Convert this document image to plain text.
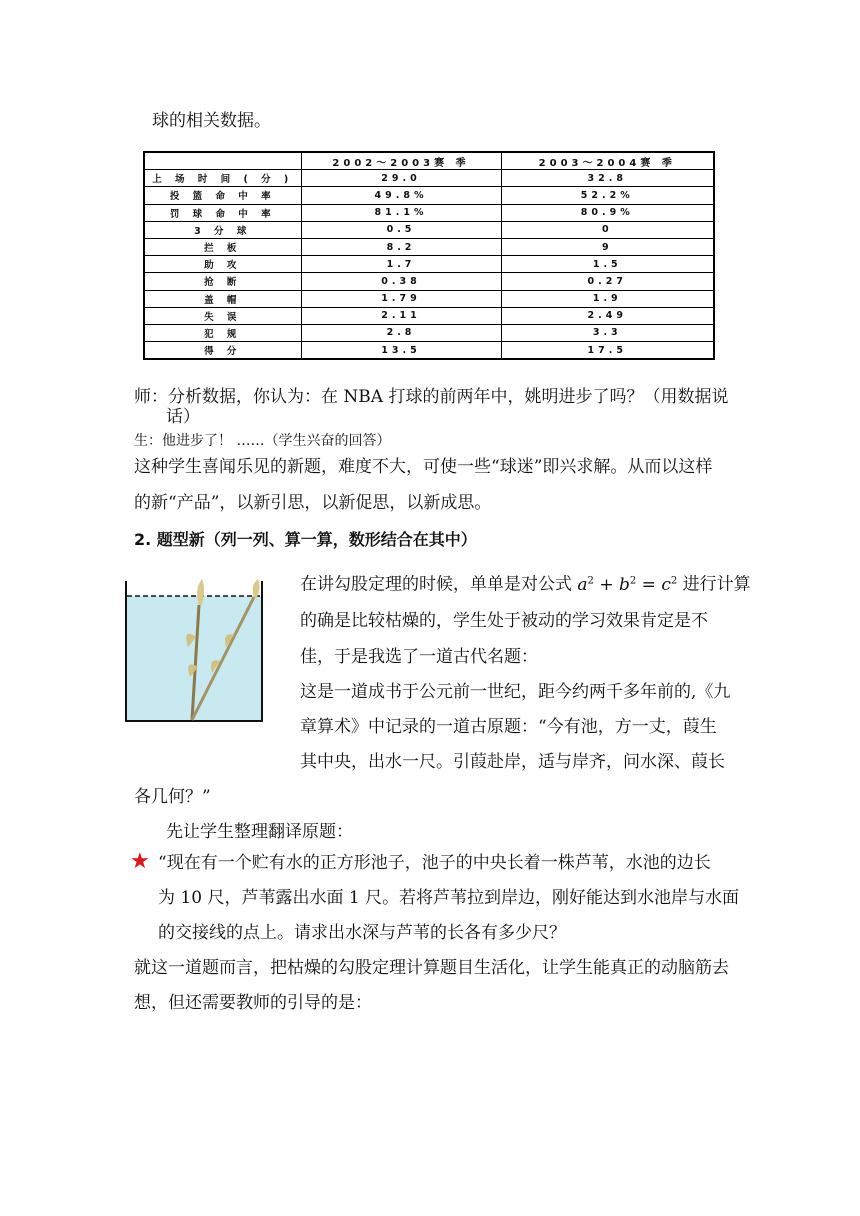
球的相关数据。
	2002～2003赛 季	2003～2004赛 季
上 场 时 间 ( 分 )	29.0	32.8
投 篮 命 中 率	49.8%	52.2%
罚 球 命 中 率	81.1%	80.9%
3 分 球	0.5	0
拦 板	8.2	9
助 攻	1.7	1.5
抢 断	0.38	0.27
盖 帽	1.79	1.9
失 误	2.11	2.49
犯 规	2.8	3.3
得 分	13.5	17.5
师：分析数据，你认为：在 NBA 打球的前两年中，姚明进步了吗？（用数据说
话）
生：他进步了！ ……（学生兴奋的回答）
这种学生喜闻乐见的新题，难度不大，可使一些“球迷”即兴求解。从而以这样
的新“产品”，以新引思，以新促思，以新成思。
2. 题型新（列一列、算一算，数形结合在其中）
在讲勾股定理的时候，单单是对公式 $a^2 + b^2 = c^2$ 进行计算
的确是比较枯燥的，学生处于被动的学习效果肯定是不
佳，于是我选了一道古代名题：
这是一道成书于公元前一世纪，距今约两千多年前的,《九
章算术》中记录的一道古原题：“今有池，方一丈，葭生
其中央，出水一尺。引葭赴岸，适与岸齐，问水深、葭长
各几何？”
先让学生整理翻译原题：
★ “现在有一个贮有水的正方形池子，池子的中央长着一株芦苇，水池的边长
为 10 尺，芦苇露出水面 1 尺。若将芦苇拉到岸边，刚好能达到水池岸与水面
的交接线的点上。请求出水深与芦苇的长各有多少尺？
就这一道题而言，把枯燥的勾股定理计算题目生活化，让学生能真正的动脑筋去
想，但还需要教师的引导的是：
